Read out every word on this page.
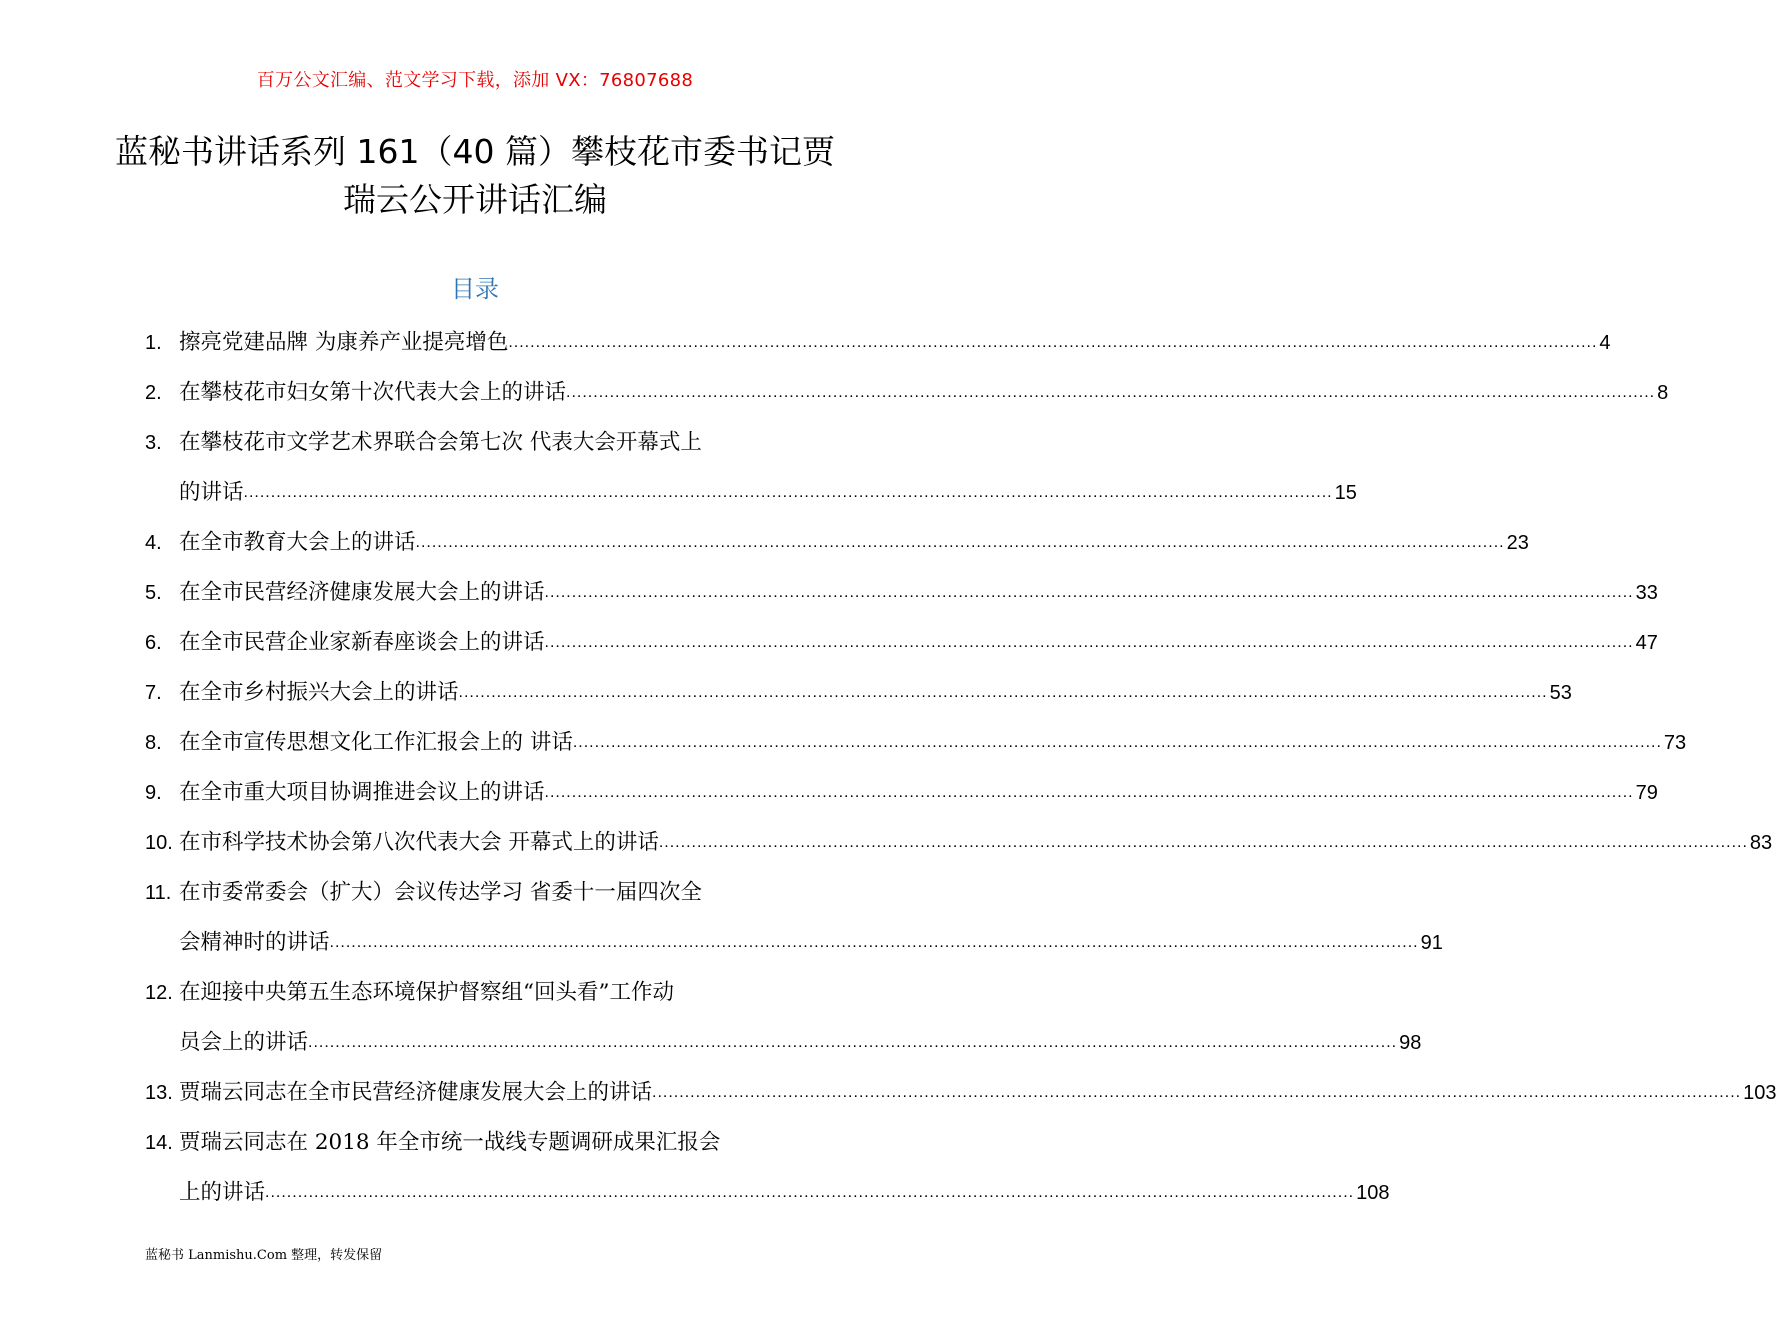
百万公文汇编、范文学习下载，添加 VX：76807688
蓝秘书讲话系列 161（40 篇）攀枝花市委书记贾瑞云公开讲话汇编
目录
1. 擦亮党建品牌 为康养产业提亮增色 ........................................................................................................................................................................................................ 4
2. 在攀枝花市妇女第十次代表大会上的讲话 ........................................................................................................................................................................................................ 8
3. 在攀枝花市文学艺术界联合会第七次 代表大会开幕式上
的讲话 ........................................................................................................................................................................................................ 15
4. 在全市教育大会上的讲话 ........................................................................................................................................................................................................ 23
5. 在全市民营经济健康发展大会上的讲话 ........................................................................................................................................................................................................ 33
6. 在全市民营企业家新春座谈会上的讲话 ........................................................................................................................................................................................................ 47
7. 在全市乡村振兴大会上的讲话 ........................................................................................................................................................................................................ 53
8. 在全市宣传思想文化工作汇报会上的 讲话 ........................................................................................................................................................................................................ 73
9. 在全市重大项目协调推进会议上的讲话 ........................................................................................................................................................................................................ 79
10. 在市科学技术协会第八次代表大会 开幕式上的讲话 ........................................................................................................................................................................................................ 83
11. 在市委常委会（扩大）会议传达学习 省委十一届四次全
会精神时的讲话 ........................................................................................................................................................................................................ 91
12. 在迎接中央第五生态环境保护督察组“回头看”工作动
员会上的讲话 ........................................................................................................................................................................................................ 98
13. 贾瑞云同志在全市民营经济健康发展大会上的讲话 ........................................................................................................................................................................................................ 103
14. 贾瑞云同志在 2018 年全市统一战线专题调研成果汇报会
上的讲话 ........................................................................................................................................................................................................ 108
蓝秘书 Lanmishu.Com 整理，转发保留
